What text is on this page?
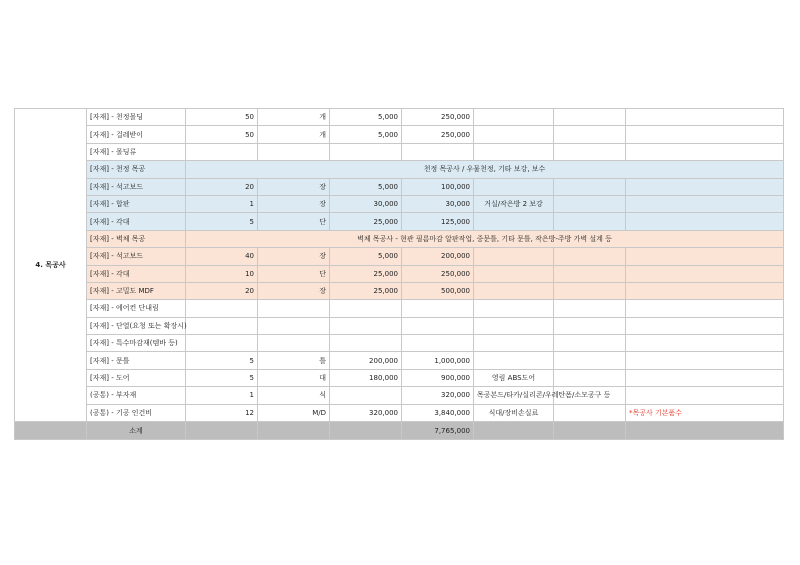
4. 목공사	[자재] - 천정몰딩	50	개	5,000	250,000			
	[자재] - 걸레받이	50	개	5,000	250,000			
	[자재] - 몰딩류							
	[자재] - 천정 목공	천정 목공사 / 우물천정, 기타 보강, 보수						
	[자재] - 석고보드	20	장	5,000	100,000			
	[자재] - 합판	1	장	30,000	30,000	거실/작은방 2 보강		
	[자재] - 각대	5	단	25,000	125,000			
	[자재] - 벽체 목공	벽체 목공사 - 현관 필름마감 알판작업, 중문틀, 기타 문틀, 작은방-주방 가벽 설계 등						
	[자재] - 석고보드	40	장	5,000	200,000			
	[자재] - 각대	10	단	25,000	250,000			
	[자재] - 고밀도 MDF	20	장	25,000	500,000			
	[자재] - 에어컨 단내림							
	[자재] - 단열(요청 또는 확장시)							
	[자재] - 특수마감재(템바 등)							
	[자재] - 문틀	5	틀	200,000	1,000,000			
	[자재] - 도어	5	대	180,000	900,000	영림 ABS도어		
	(공통) - 부자재	1	식		320,000	목공본드/타카/실리콘/우레탄폼/소모공구 등		
	(공통) - 기공 인건비	12	M/D	320,000	3,840,000	식대/장비손실료		*목공사 기본품수
	소계				7,765,000			
